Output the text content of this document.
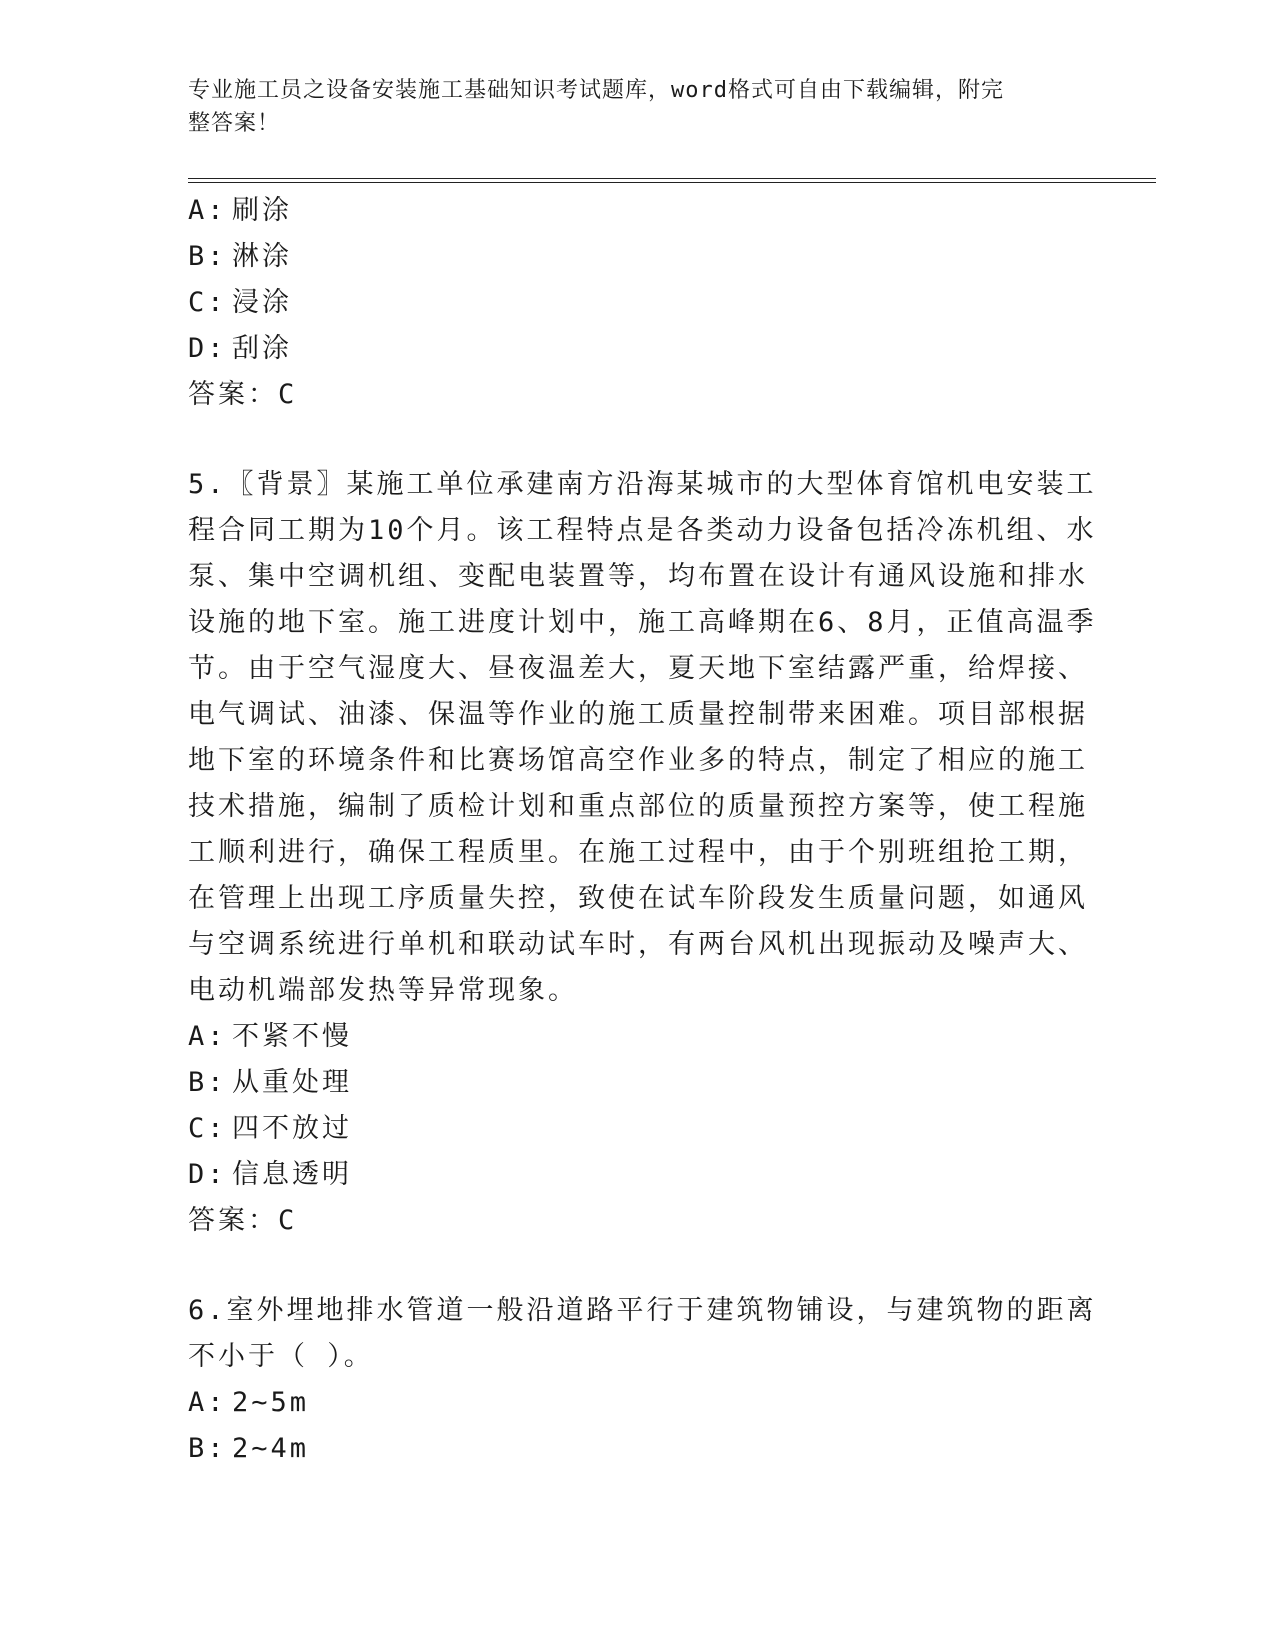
专业施工员之设备安装施工基础知识考试题库，word格式可自由下载编辑，附完
整答案！
A: 刷涂
B: 淋涂
C: 浸涂
D: 刮涂
答案：C
5.〖背景〗某施工单位承建南方沿海某城市的大型体育馆机电安装工
程合同工期为10个月。该工程特点是各类动力设备包括冷冻机组、水
泵、集中空调机组、变配电装置等，均布置在设计有通风设施和排水
设施的地下室。施工进度计划中，施工高峰期在6、8月，正值高温季
节。由于空气湿度大、昼夜温差大，夏天地下室结露严重，给焊接、
电气调试、油漆、保温等作业的施工质量控制带来困难。项目部根据
地下室的环境条件和比赛场馆高空作业多的特点，制定了相应的施工
技术措施，编制了质检计划和重点部位的质量预控方案等，使工程施
工顺利进行，确保工程质里。在施工过程中，由于个别班组抢工期，
在管理上出现工序质量失控，致使在试车阶段发生质量问题，如通风
与空调系统进行单机和联动试车时，有两台风机出现振动及噪声大、
电动机端部发热等异常现象。
A: 不紧不慢
B: 从重处理
C: 四不放过
D: 信息透明
答案：C
6.室外埋地排水管道一般沿道路平行于建筑物铺设，与建筑物的距离
不小于（ ）。
A: 2~5m
B: 2~4m
